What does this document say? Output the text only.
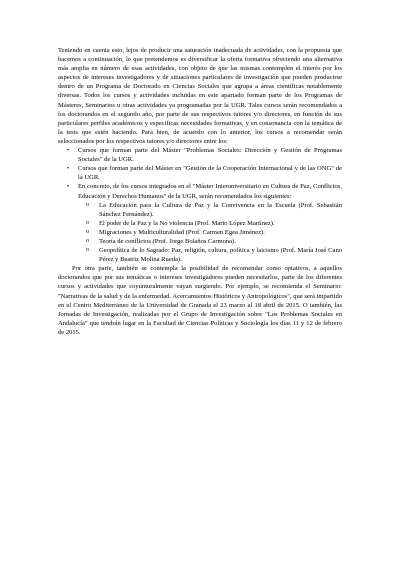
Teniendo en cuenta esto, lejos de producir una saturación inadecuada de actividades, con la propuesta que hacemos a continuación, lo que pretendemos es diversificar la oferta formativa ofreciendo una alternativa más amplia en número de esas actividades, con objeto de que las mismas contemplen el interés por los aspectos de intereses investigadores y de situaciones particulares de investigación que pueden producirse dentro de un Programa de Doctorado en Ciencias Sociales que agrupa a áreas científicas notablemente diversas. Todos los cursos y actividades incluidas en este apartado forman parte de los Programas de Másteres, Seminarios u otras actividades ya programadas por la UGR. Tales cursos serán recomendados a los doctorandos en el segundo año, por parte de sus respectivos tutores y/o directores, en función de sus particulares perfiles académicos y especificas necesidades formativas, y en consonancia con la temática de la tesis que estén haciendo. Para bien, de acuerdo con lo anterior, los cursos a recomendar serán seleccionados por los respectivos tutores y/o directores entre los:

• Cursos que forman parte del Máster "Problemas Sociales: Dirección y Gestión de Programas Sociales" de la UGR.
• Cursos que forman parte del Máster en "Gestión de la Cooperación Internacional y de las ONG" de la UGR.
• En concreto, de los cursos integrados en el "Máster Interuniversitario en Cultura de Paz, Conflictos, Educación y Derechos Humanos" de la UGR, serán recomendados los siguientes:
o La Educación para la Cultura de Paz y la Convivencia en la Escuela (Prof. Sebastián Sánchez Fernández).
o El poder de la Paz y la No violencia (Prof. Mario López Martínez).
o Migraciones y Multiculturalidad (Prof. Carmen Egea Jiménez).
o Teoría de conflictos (Prof. Jorge Bolaños Carmona).
o Geopolítica de lo Sagrado: Paz, religión, cultura, política y laicismo (Prof. María José Cano Pérez y Beatriz Molina Rueda).

Por otra parte, también se contempla la posibilidad de recomendar como optativos, a aquellos doctorandos que por sus temáticas o intereses investigadores pueden necesitarlos, parte de los diferentes cursos y actividades que coyunturalmente vayan surgiendo. Por ejemplo, se recomienda el Seminario: "Narrativas de la salud y de la enfermedad. Acercamientos Históricos y Antropológicos", que será impartido en el Centro Mediterráneo de la Universidad de Granada el 23 marzo al 18 abril de 2015. O también, las Jornadas de Investigación, realizadas por el Grupo de Investigación sobre "Los Problemas Sociales en Andalucía" que tendrán lugar en la Facultad de Ciencias Políticas y Sociología los días 11 y 12 de febrero de 2015.
